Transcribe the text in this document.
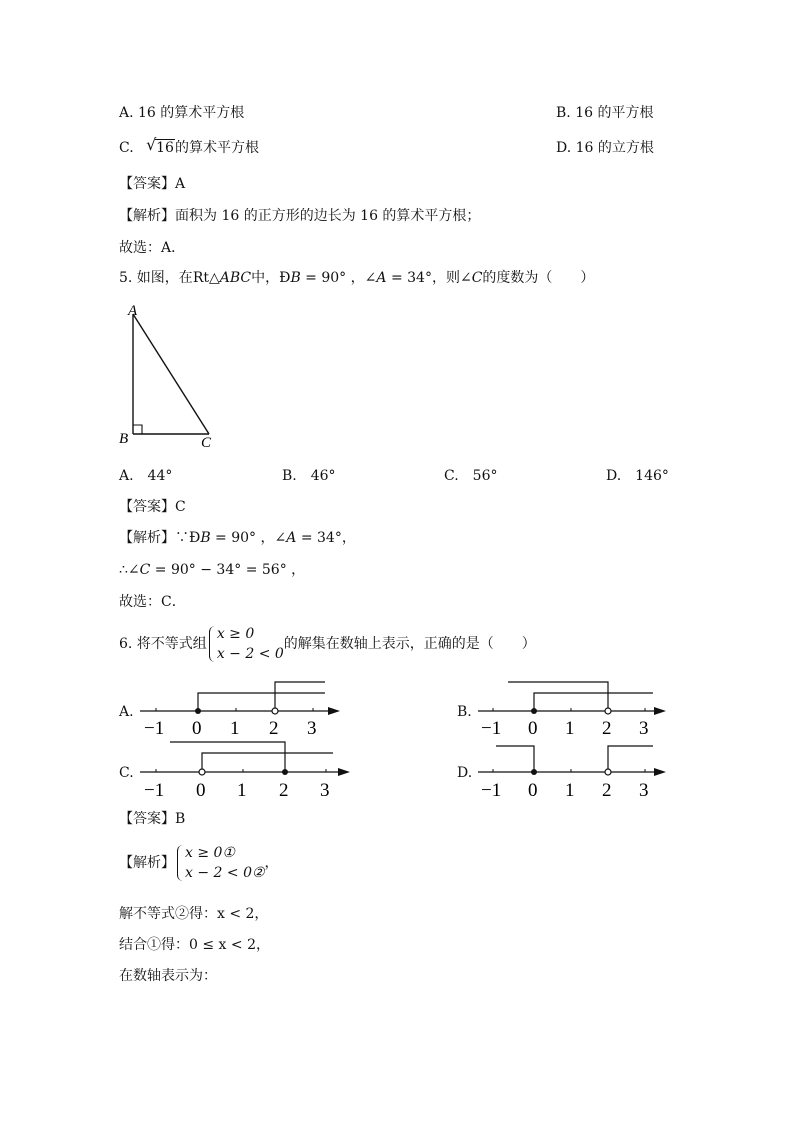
A. 16 的算术平方根	B. 16 的平方根
C. √ 16的算术平方根	D. 16 的立方根
【答案】A
【解析】面积为 16 的正方形的边长为 16 的算术平方根；
故选：A．
5. 如图，在Rt△ABC中，ÐB = 90° ，∠A = 34°，则∠C的度数为（　　）
A
B	C
A.　44°	B.　46°	C.　56°	D.　146°
【答案】C
【解析】∵ÐB = 90° ，∠A = 34°，
∴∠C = 90° − 34° = 56° ，
故选：C．
6. 将不等式组
x ≥ 0
x − 2 < 0
的解集在数轴上表示，正确的是（　　）
A.	B.
C.	D.
−1 0 1 2 3	−1 0 1 2 3
−1 0 1 2 3	−1 0 1 2 3
【答案】B
【解析】
x ≥ 0①
x − 2 < 0②
，
解不等式②得：x < 2，
结合①得：0 ≤ x < 2，
在数轴表示为：
